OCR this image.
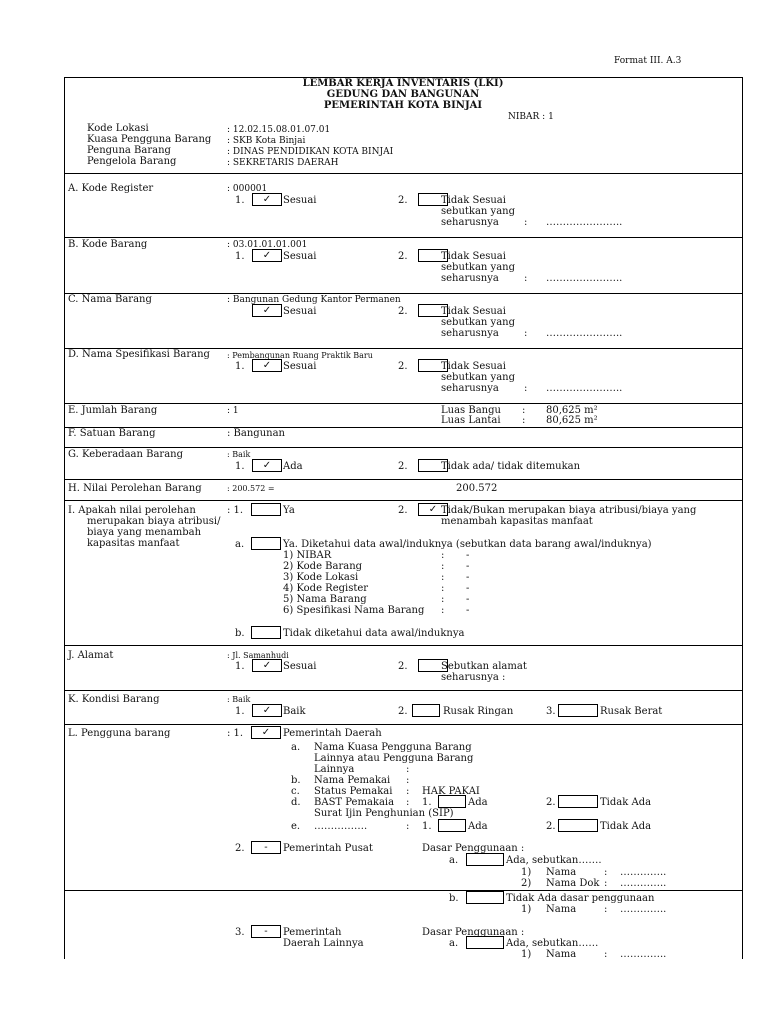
Format III. A.3
LEMBAR KERJA INVENTARIS (LKI)
GEDUNG DAN BANGUNAN
PEMERINTAH KOTA BINJAI
NIBAR : 1
Kode Lokasi	: 12.02.15.08.01.07.01
Kuasa Pengguna Barang : SKB Kota Binjai
Penguna Barang	: DINAS PENDIDIKAN KOTA BINJAI
Pengelola Barang	: SEKRETARIS DAERAH
A. Kode Register	: 000001
1.	✓	Sesuai	2.	Tidak Sesuai
sebutkan yang
seharusnya	: …………………..
B. Kode Barang	: 03.01.01.01.001
1.	✓	Sesuai	2.	Tidak Sesuai
sebutkan yang
seharusnya	: …………………..
C. Nama Barang	: Bangunan Gedung Kantor Permanen
✓	Sesuai	2.	Tidak Sesuai
sebutkan yang
seharusnya	: …………………..
D. Nama Spesifikasi Barang : Pembangunan Ruang Praktik Baru
1.	✓	Sesuai	2.	Tidak Sesuai
sebutkan yang
seharusnya	: …………………..
E. Jumlah Barang	: 1	Luas Bangu : 80,625 m²
Luas Lantai : 80,625 m²
F. Satuan Barang	: Bangunan
G. Keberadaan Barang	: Baik
1.	✓	Ada	2.	Tidak ada/ tidak ditemukan
H. Nilai Perolehan Barang	: 200.572 =	200.572
I. Apakah nilai perolehan
merupakan biaya atribusi/
biaya yang menambah
kapasitas manfaat
: 1.	Ya	2.	✓ Tidak/Bukan merupakan biaya atribusi/biaya yang
menambah kapasitas manfaat
a.	Ya. Diketahui data awal/induknya (sebutkan data barang awal/induknya)
1) NIBAR	: -
2) Kode Barang	: -
3) Kode Lokasi	: -
4) Kode Register	: -
5) Nama Barang	: -
6) Spesifikasi Nama Barang : -
b.	Tidak diketahui data awal/induknya
J. Alamat	: Jl. Samanhudi
1.	✓	Sesuai	2.	Sebutkan alamat
seharusnya :
K. Kondisi Barang	: Baik
1.	✓	Baik	2.	Rusak Ringan	3.	Rusak Berat
L. Pengguna barang	: 1.	✓	Pemerintah Daerah
a. Nama Kuasa Pengguna Barang
Lainnya atau Pengguna Barang
Lainnya	:
b. Nama Pemakai :
c. Status Pemakai : HAK PAKAI
d. BAST Pemakaia : 1.	Ada	2.	Tidak Ada
Surat Ijin Penghunian (SIP)
e. …………….	: 1.	Ada	2.	Tidak Ada
2.	-	Pemerintah Pusat	Dasar Penggunaan :
a.	Ada, sebutkan…….
1) Nama	: …………..
2) Nama Dok : …………..
b.	Tidak Ada dasar penggunaan
1) Nama	: …………..
3.	-	Pemerintah
Daerah Lainnya
Dasar Penggunaan :
a.	Ada, sebutkan……
1) Nama	: …………..
